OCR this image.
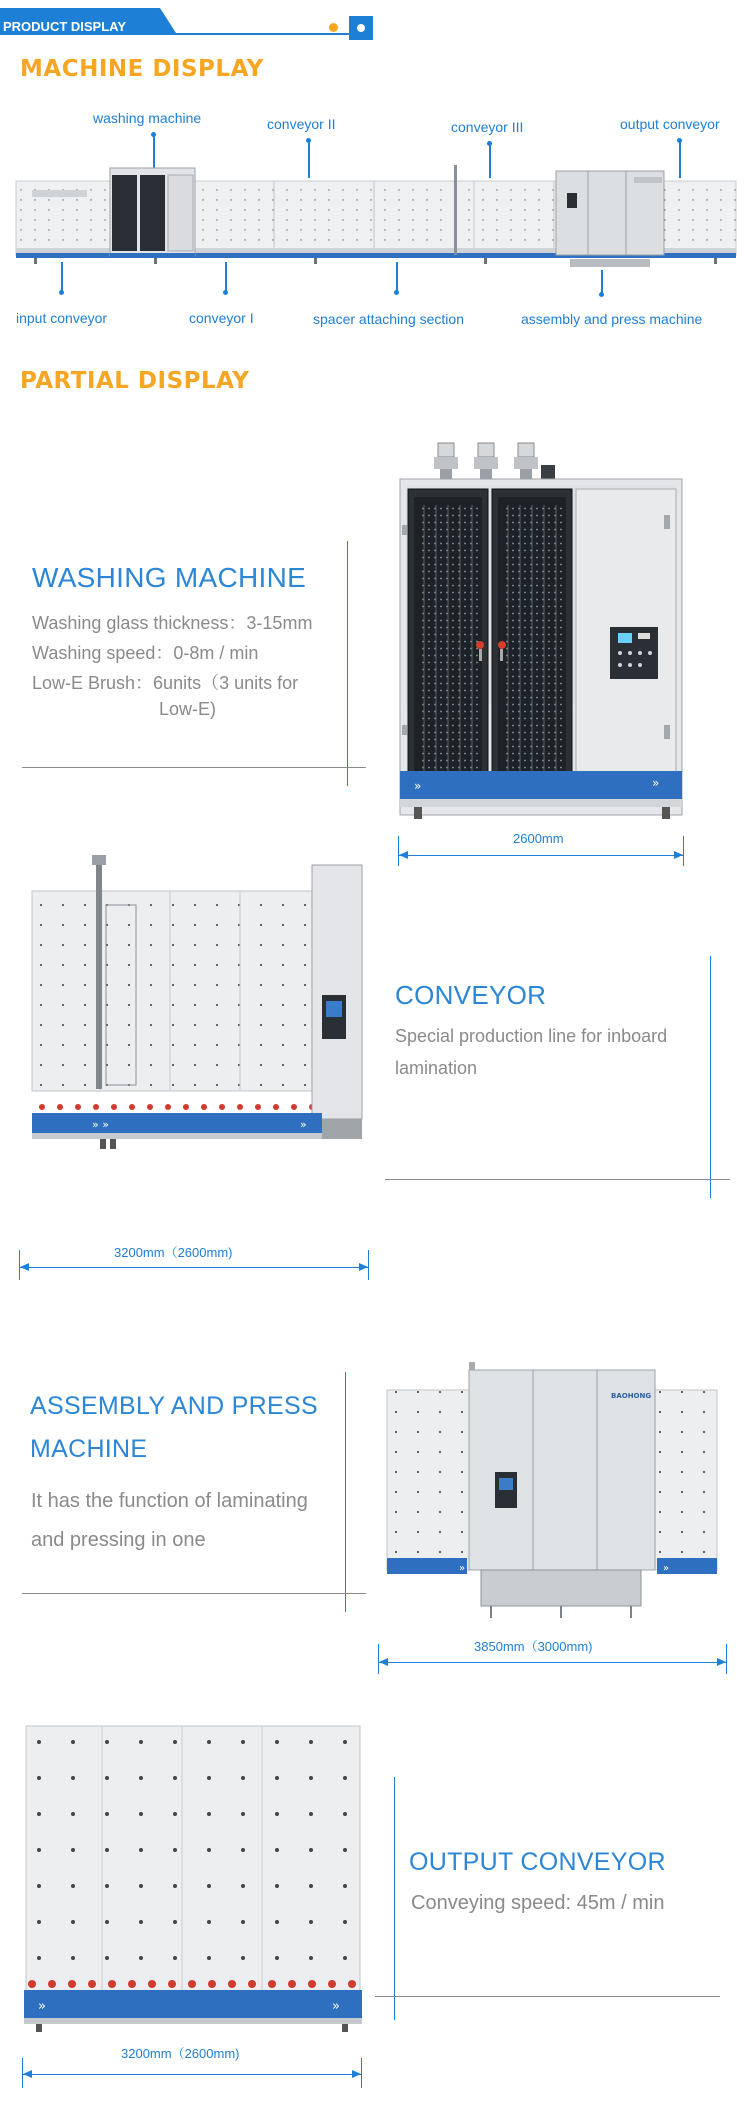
PRODUCT DISPLAY
MACHINE DISPLAY
washing machine	conveyor II	conveyor III	output conveyor
input conveyor	conveyor I	spacer attaching section	assembly and press machine
PARTIAL DISPLAY
WASHING MACHINE
Washing glass thickness：3-15mm
Washing speed：0-8m / min
Low-E Brush：6units（3 units for
Low-E)
»	»
2600mm
» »	»
CONVEYOR
Special production line for inboard
lamination
3200mm（2600mm)
ASSEMBLY AND PRESS
MACHINE
It has the function of laminating
and pressing in one
BAOHONG
»	»
3850mm（3000mm)
»	»
OUTPUT CONVEYOR
Conveying speed: 45m / min
3200mm（2600mm)
